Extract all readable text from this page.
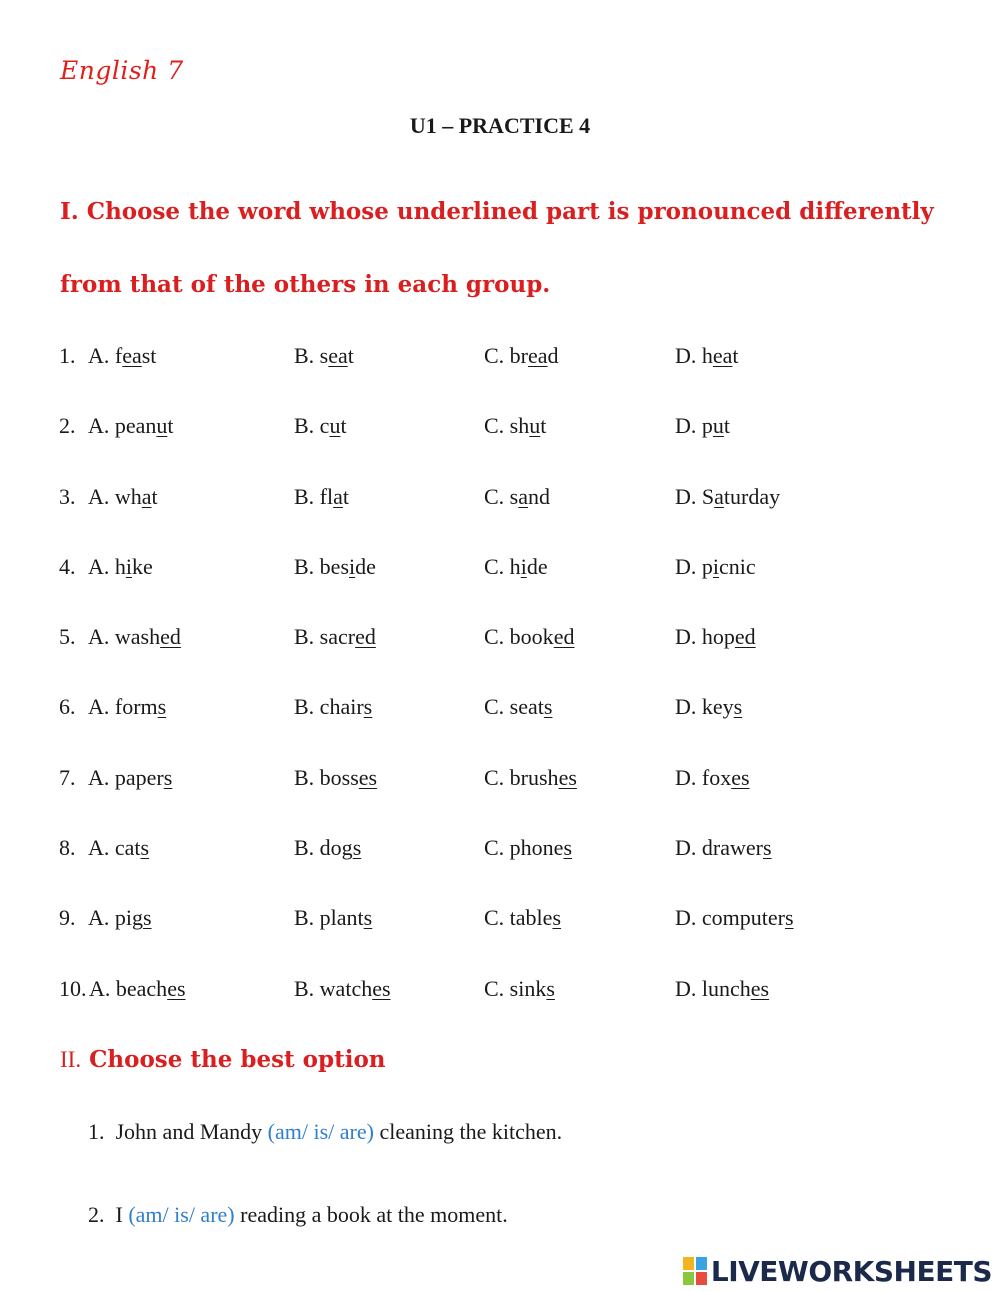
English 7
U1 – PRACTICE 4
I. Choose the word whose underlined part is pronounced differently
from that of the others in each group.
1. A. feast	B. seat	C. bread	D. heat
2. A. peanut	B. cut	C. shut	D. put
3. A. what	B. flat	C. sand	D. Saturday
4. A. hike	B. beside	C. hide	D. picnic
5. A. washed	B. sacred	C. booked	D. hoped
6. A. forms	B. chairs	C. seats	D. keys
7. A. papers	B. bosses	C. brushes	D. foxes
8. A. cats	B. dogs	C. phones	D. drawers
9. A. pigs	B. plants	C. tables	D. computers
10. A. beaches	B. watches	C. sinks	D. lunches
II. Choose the best option
1. John and Mandy (am/ is/ are) cleaning the kitchen.
2. I (am/ is/ are) reading a book at the moment.
LIVEWORKSHEETS
